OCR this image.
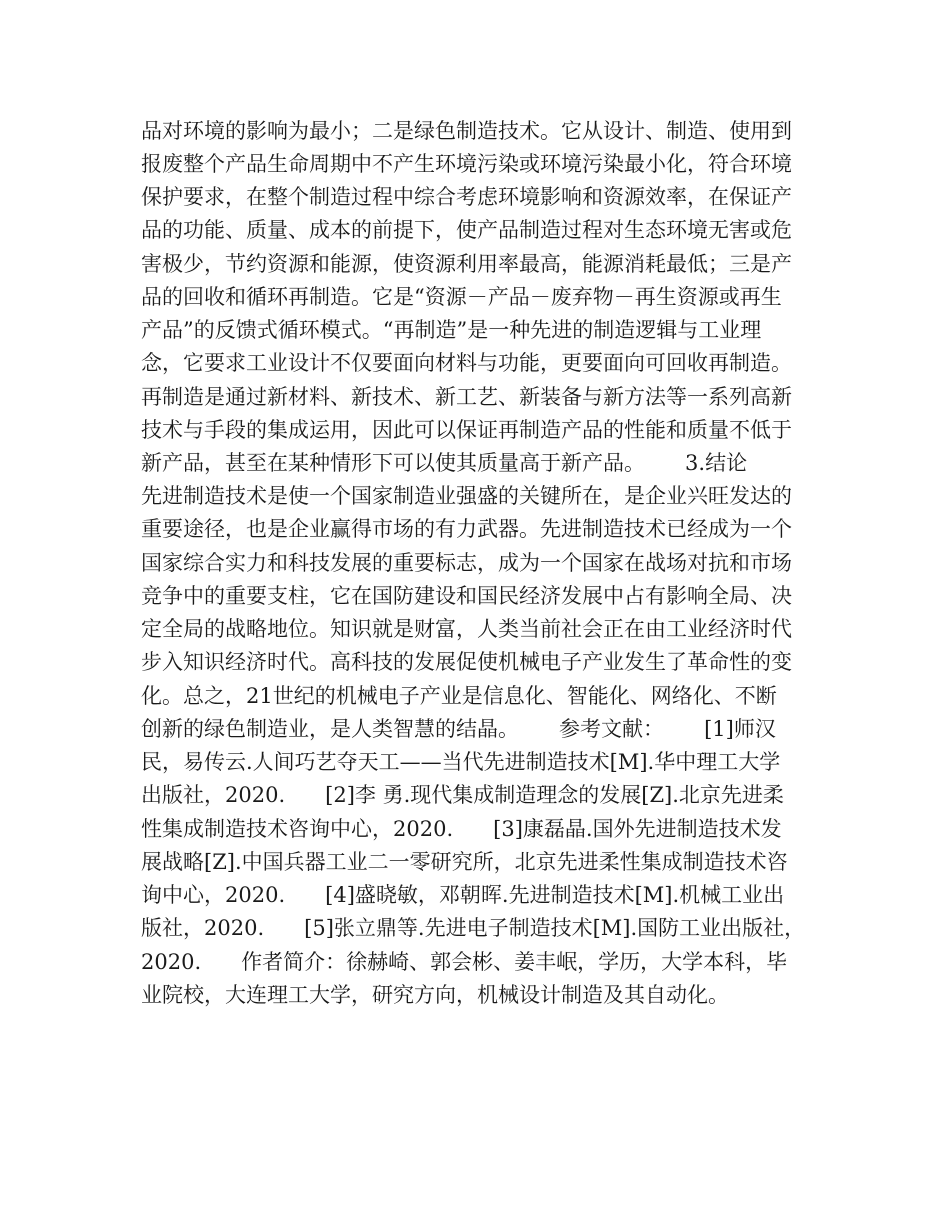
品对环境的影响为最小；二是绿色制造技术。它从设计、制造、使用到
报废整个产品生命周期中不产生环境污染或环境污染最小化，符合环境
保护要求，在整个制造过程中综合考虑环境影响和资源效率，在保证产
品的功能、质量、成本的前提下，使产品制造过程对生态环境无害或危
害极少，节约资源和能源，使资源利用率最高，能源消耗最低；三是产
品的回收和循环再制造。它是“资源－产品－废弃物－再生资源或再生
产品”的反馈式循环模式。“再制造”是一种先进的制造逻辑与工业理
念，它要求工业设计不仅要面向材料与功能，更要面向可回收再制造。
再制造是通过新材料、新技术、新工艺、新装备与新方法等一系列高新
技术与手段的集成运用，因此可以保证再制造产品的性能和质量不低于
新产品，甚至在某种情形下可以使其质量高于新产品。      3.结论
先进制造技术是使一个国家制造业强盛的关键所在，是企业兴旺发达的
重要途径，也是企业赢得市场的有力武器。先进制造技术已经成为一个
国家综合实力和科技发展的重要标志，成为一个国家在战场对抗和市场
竞争中的重要支柱，它在国防建设和国民经济发展中占有影响全局、决
定全局的战略地位。知识就是财富，人类当前社会正在由工业经济时代
步入知识经济时代。高科技的发展促使机械电子产业发生了革命性的变
化。总之，21世纪的机械电子产业是信息化、智能化、网络化、不断
创新的绿色制造业，是人类智慧的结晶。      参考文献：      [1]师汉
民，易传云.人间巧艺夺天工——当代先进制造技术[M].华中理工大学
出版社，2020.      [2]李 勇.现代集成制造理念的发展[Z].北京先进柔
性集成制造技术咨询中心，2020.      [3]康磊晶.国外先进制造技术发
展战略[Z].中国兵器工业二一零研究所，北京先进柔性集成制造技术咨
询中心，2020.      [4]盛晓敏，邓朝晖.先进制造技术[M].机械工业出
版社，2020.      [5]张立鼎等.先进电子制造技术[M].国防工业出版社，
2020.      作者简介：徐赫崎、郭会彬、姜丰岷，学历，大学本科，毕
业院校，大连理工大学，研究方向，机械设计制造及其自动化。
